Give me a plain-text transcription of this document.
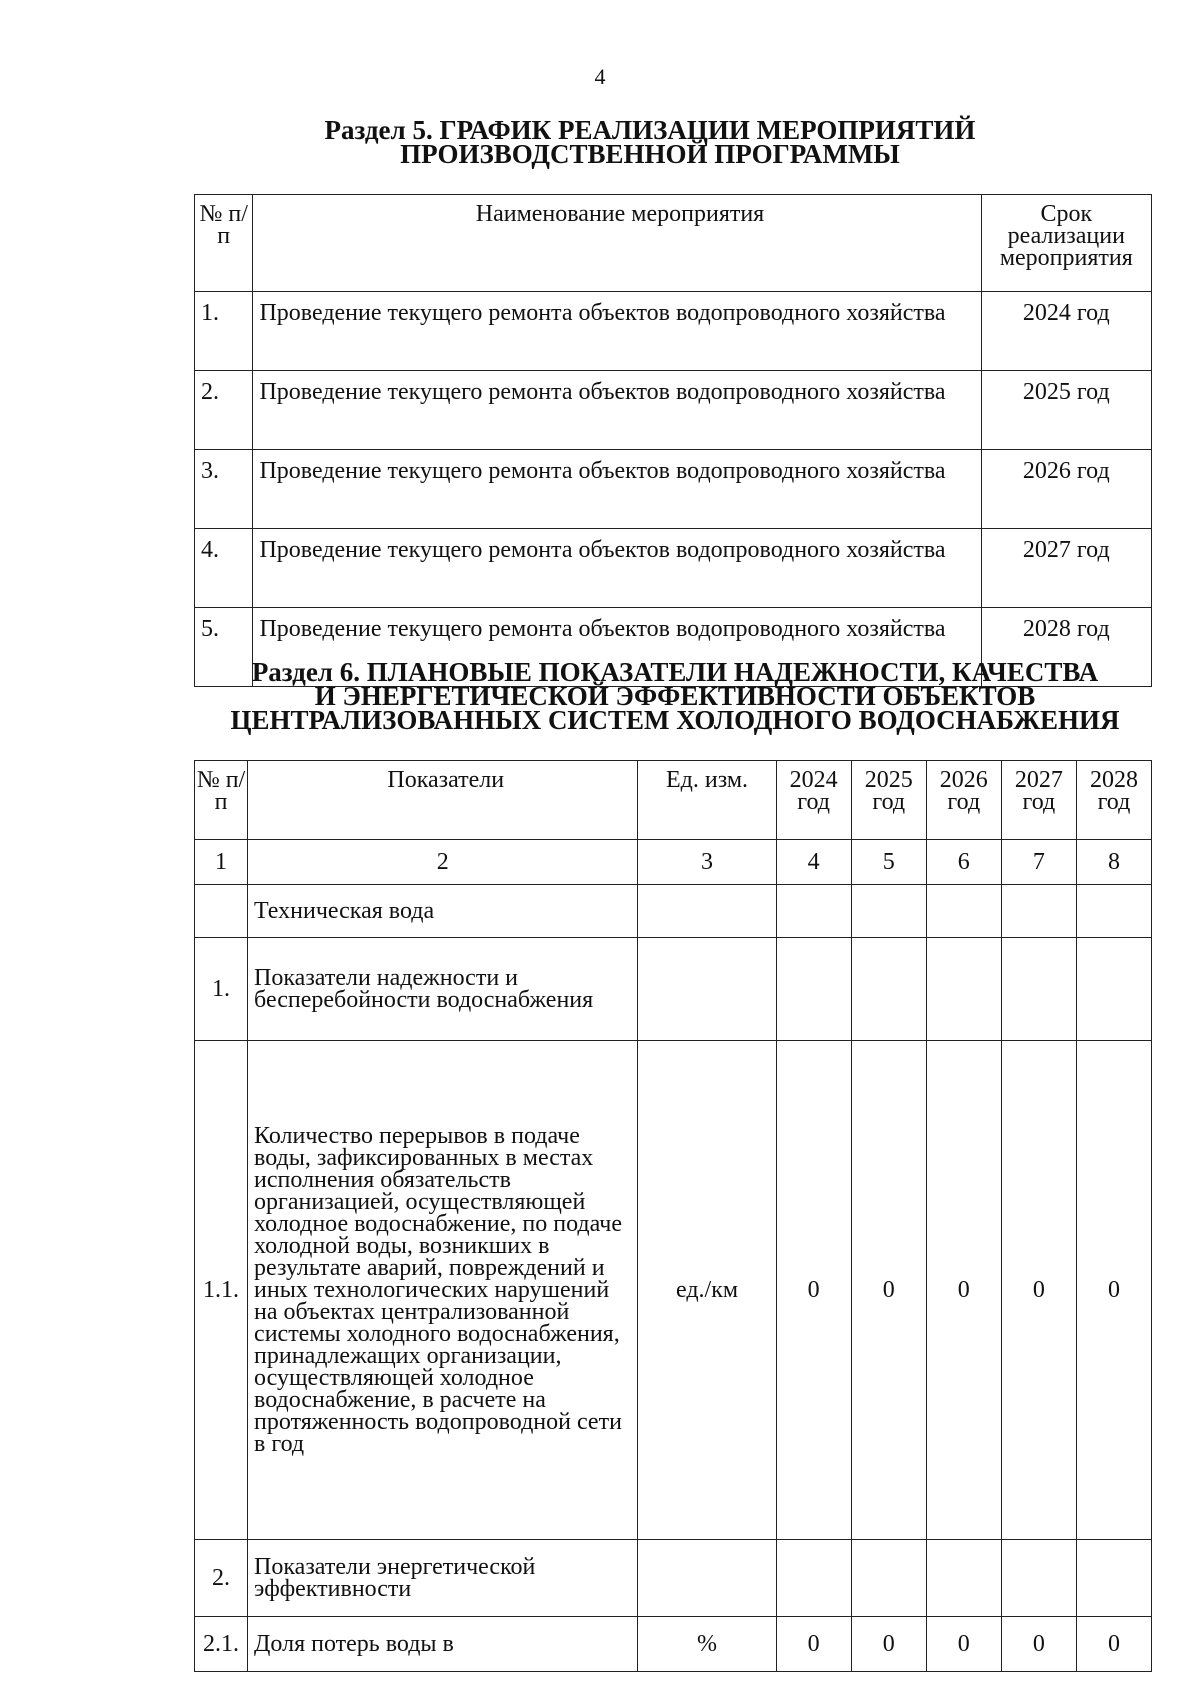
4
Раздел 5. ГРАФИК РЕАЛИЗАЦИИ МЕРОПРИЯТИЙ
ПРОИЗВОДСТВЕННОЙ ПРОГРАММЫ
№ п/п	Наименование мероприятия	Срок реализации мероприятия
1.	Проведение текущего ремонта объектов водопроводного хозяйства	2024 год
2.	Проведение текущего ремонта объектов водопроводного хозяйства	2025 год
3.	Проведение текущего ремонта объектов водопроводного хозяйства	2026 год
4.	Проведение текущего ремонта объектов водопроводного хозяйства	2027 год
5.	Проведение текущего ремонта объектов водопроводного хозяйства	2028 год
Раздел 6. ПЛАНОВЫЕ ПОКАЗАТЕЛИ НАДЕЖНОСТИ, КАЧЕСТВА
И ЭНЕРГЕТИЧЕСКОЙ ЭФФЕКТИВНОСТИ ОБЪЕКТОВ
ЦЕНТРАЛИЗОВАННЫХ СИСТЕМ ХОЛОДНОГО ВОДОСНАБЖЕНИЯ
№ п/п	Показатели	Ед. изм.	2024 год	2025 год	2026 год	2027 год	2028 год
1	2	3	4	5	6	7	8
	Техническая вода						
1.	Показатели надежности и бесперебойности водоснабжения						
1.1.	Количество перерывов в подаче воды, зафиксированных в местах исполнения обязательств организацией, осуществляющей холодное водоснабжение, по подаче холодной воды, возникших в результате аварий, повреждений и иных технологических нарушений на объектах централизованной системы холодного водоснабжения, принадлежащих организации, осуществляющей холодное водоснабжение, в расчете на протяженность водопроводной сети в год	ед./км	0	0	0	0	0
2.	Показатели энергетической эффективности						
2.1.	Доля потерь воды в	%	0	0	0	0	0
